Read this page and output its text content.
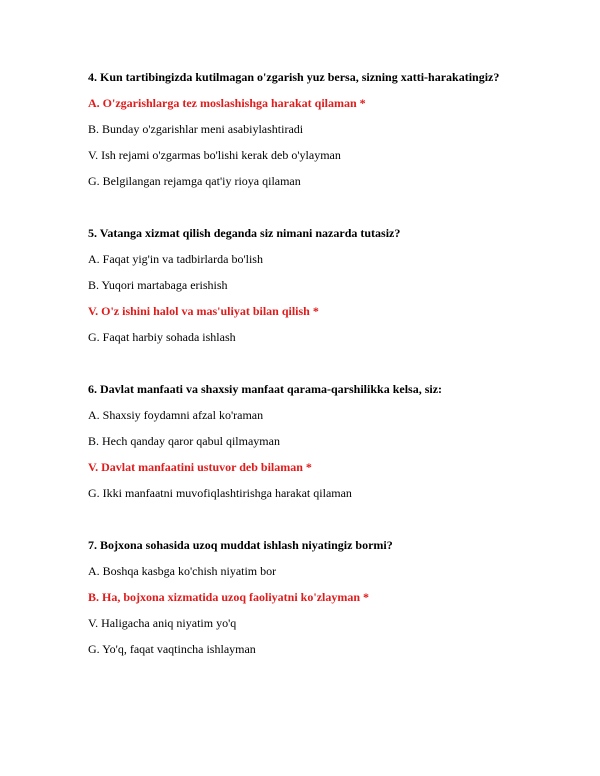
4. Kun tartibingizda kutilmagan o'zgarish yuz bersa, sizning xatti-harakatingiz?

A. O'zgarishlarga tez moslashishga harakat qilaman *

B. Bunday o'zgarishlar meni asabiylashtiradi

V. Ish rejami o'zgarmas bo'lishi kerak deb o'ylayman

G. Belgilangan rejamga qat'iy rioya qilaman

5. Vatanga xizmat qilish deganda siz nimani nazarda tutasiz?

A. Faqat yig'in va tadbirlarda bo'lish

B. Yuqori martabaga erishish

V. O'z ishini halol va mas'uliyat bilan qilish *

G. Faqat harbiy sohada ishlash

6. Davlat manfaati va shaxsiy manfaat qarama-qarshilikka kelsa, siz:

A. Shaxsiy foydamni afzal ko'raman

B. Hech qanday qaror qabul qilmayman

V. Davlat manfaatini ustuvor deb bilaman *

G. Ikki manfaatni muvofiqlashtirishga harakat qilaman

7. Bojxona sohasida uzoq muddat ishlash niyatingiz bormi?

A. Boshqa kasbga ko'chish niyatim bor

B. Ha, bojxona xizmatida uzoq faoliyatni ko'zlayman *

V. Haligacha aniq niyatim yo'q

G. Yo'q, faqat vaqtincha ishlayman
